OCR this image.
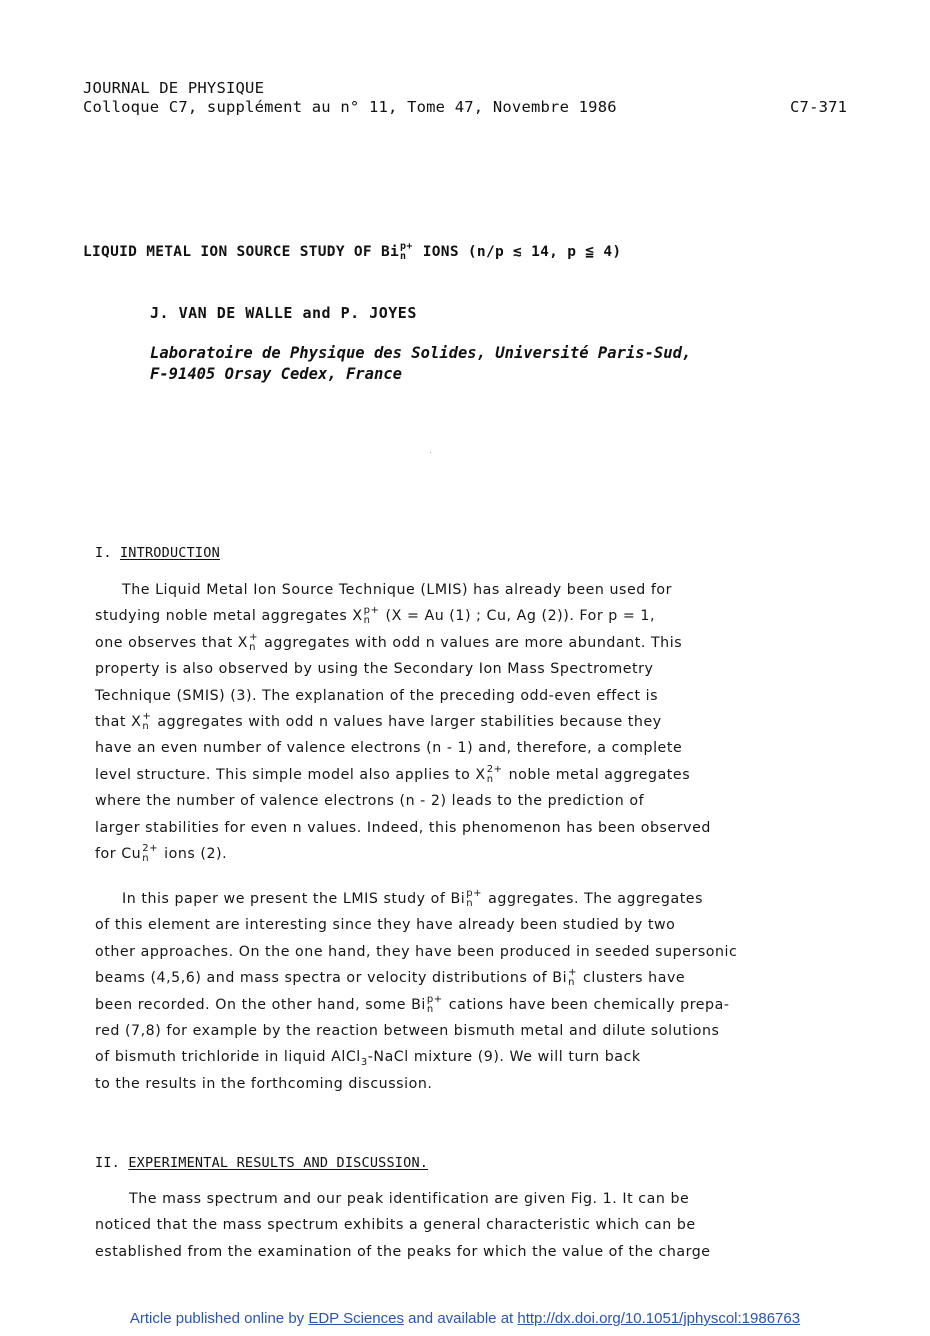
JOURNAL DE PHYSIQUE
Colloque C7, supplément au n° 11, Tome 47, Novembre 1986	C7-371
LIQUID METAL ION SOURCE STUDY OF Bi p+
n IONS (n/p ≲ 14, p ≦ 4)
J. VAN DE WALLE and P. JOYES
Laboratoire de Physique des Solides, Université Paris-Sud,
F-91405 Orsay Cedex, France
I. INTRODUCTION
The Liquid Metal Ion Source Technique (LMIS) has already been used for
studying noble metal aggregates X p+
n (X = Au (1) ; Cu, Ag (2)). For p = 1,
one observes that X +
n aggregates with odd n values are more abundant. This
property is also observed by using the Secondary Ion Mass Spectrometry
Technique (SMIS) (3). The explanation of the preceding odd-even effect is
that X +
n aggregates with odd n values have larger stabilities because they
have an even number of valence electrons (n - 1) and, therefore, a complete
level structure. This simple model also applies to X 2+
n noble metal aggregates
where the number of valence electrons (n - 2) leads to the prediction of
larger stabilities for even n values. Indeed, this phenomenon has been observed
for Cu 2+
n ions (2).
In this paper we present the LMIS study of Bi p+
n aggregates. The aggregates
of this element are interesting since they have already been studied by two
other approaches. On the one hand, they have been produced in seeded supersonic
beams (4,5,6) and mass spectra or velocity distributions of Bi +
n clusters have
been recorded. On the other hand, some Bi p+
n cations have been chemically prepa-
red (7,8) for example by the reaction between bismuth metal and dilute solutions
of bismuth trichloride in liquid AlCl$_3$-NaCl mixture (9). We will turn back
to the results in the forthcoming discussion.
II. EXPERIMENTAL RESULTS AND DISCUSSION.
The mass spectrum and our peak identification are given Fig. 1. It can be
noticed that the mass spectrum exhibits a general characteristic which can be
established from the examination of the peaks for which the value of the charge
Article published online by EDP Sciences and available at http://dx.doi.org/10.1051/jphyscol:1986763
